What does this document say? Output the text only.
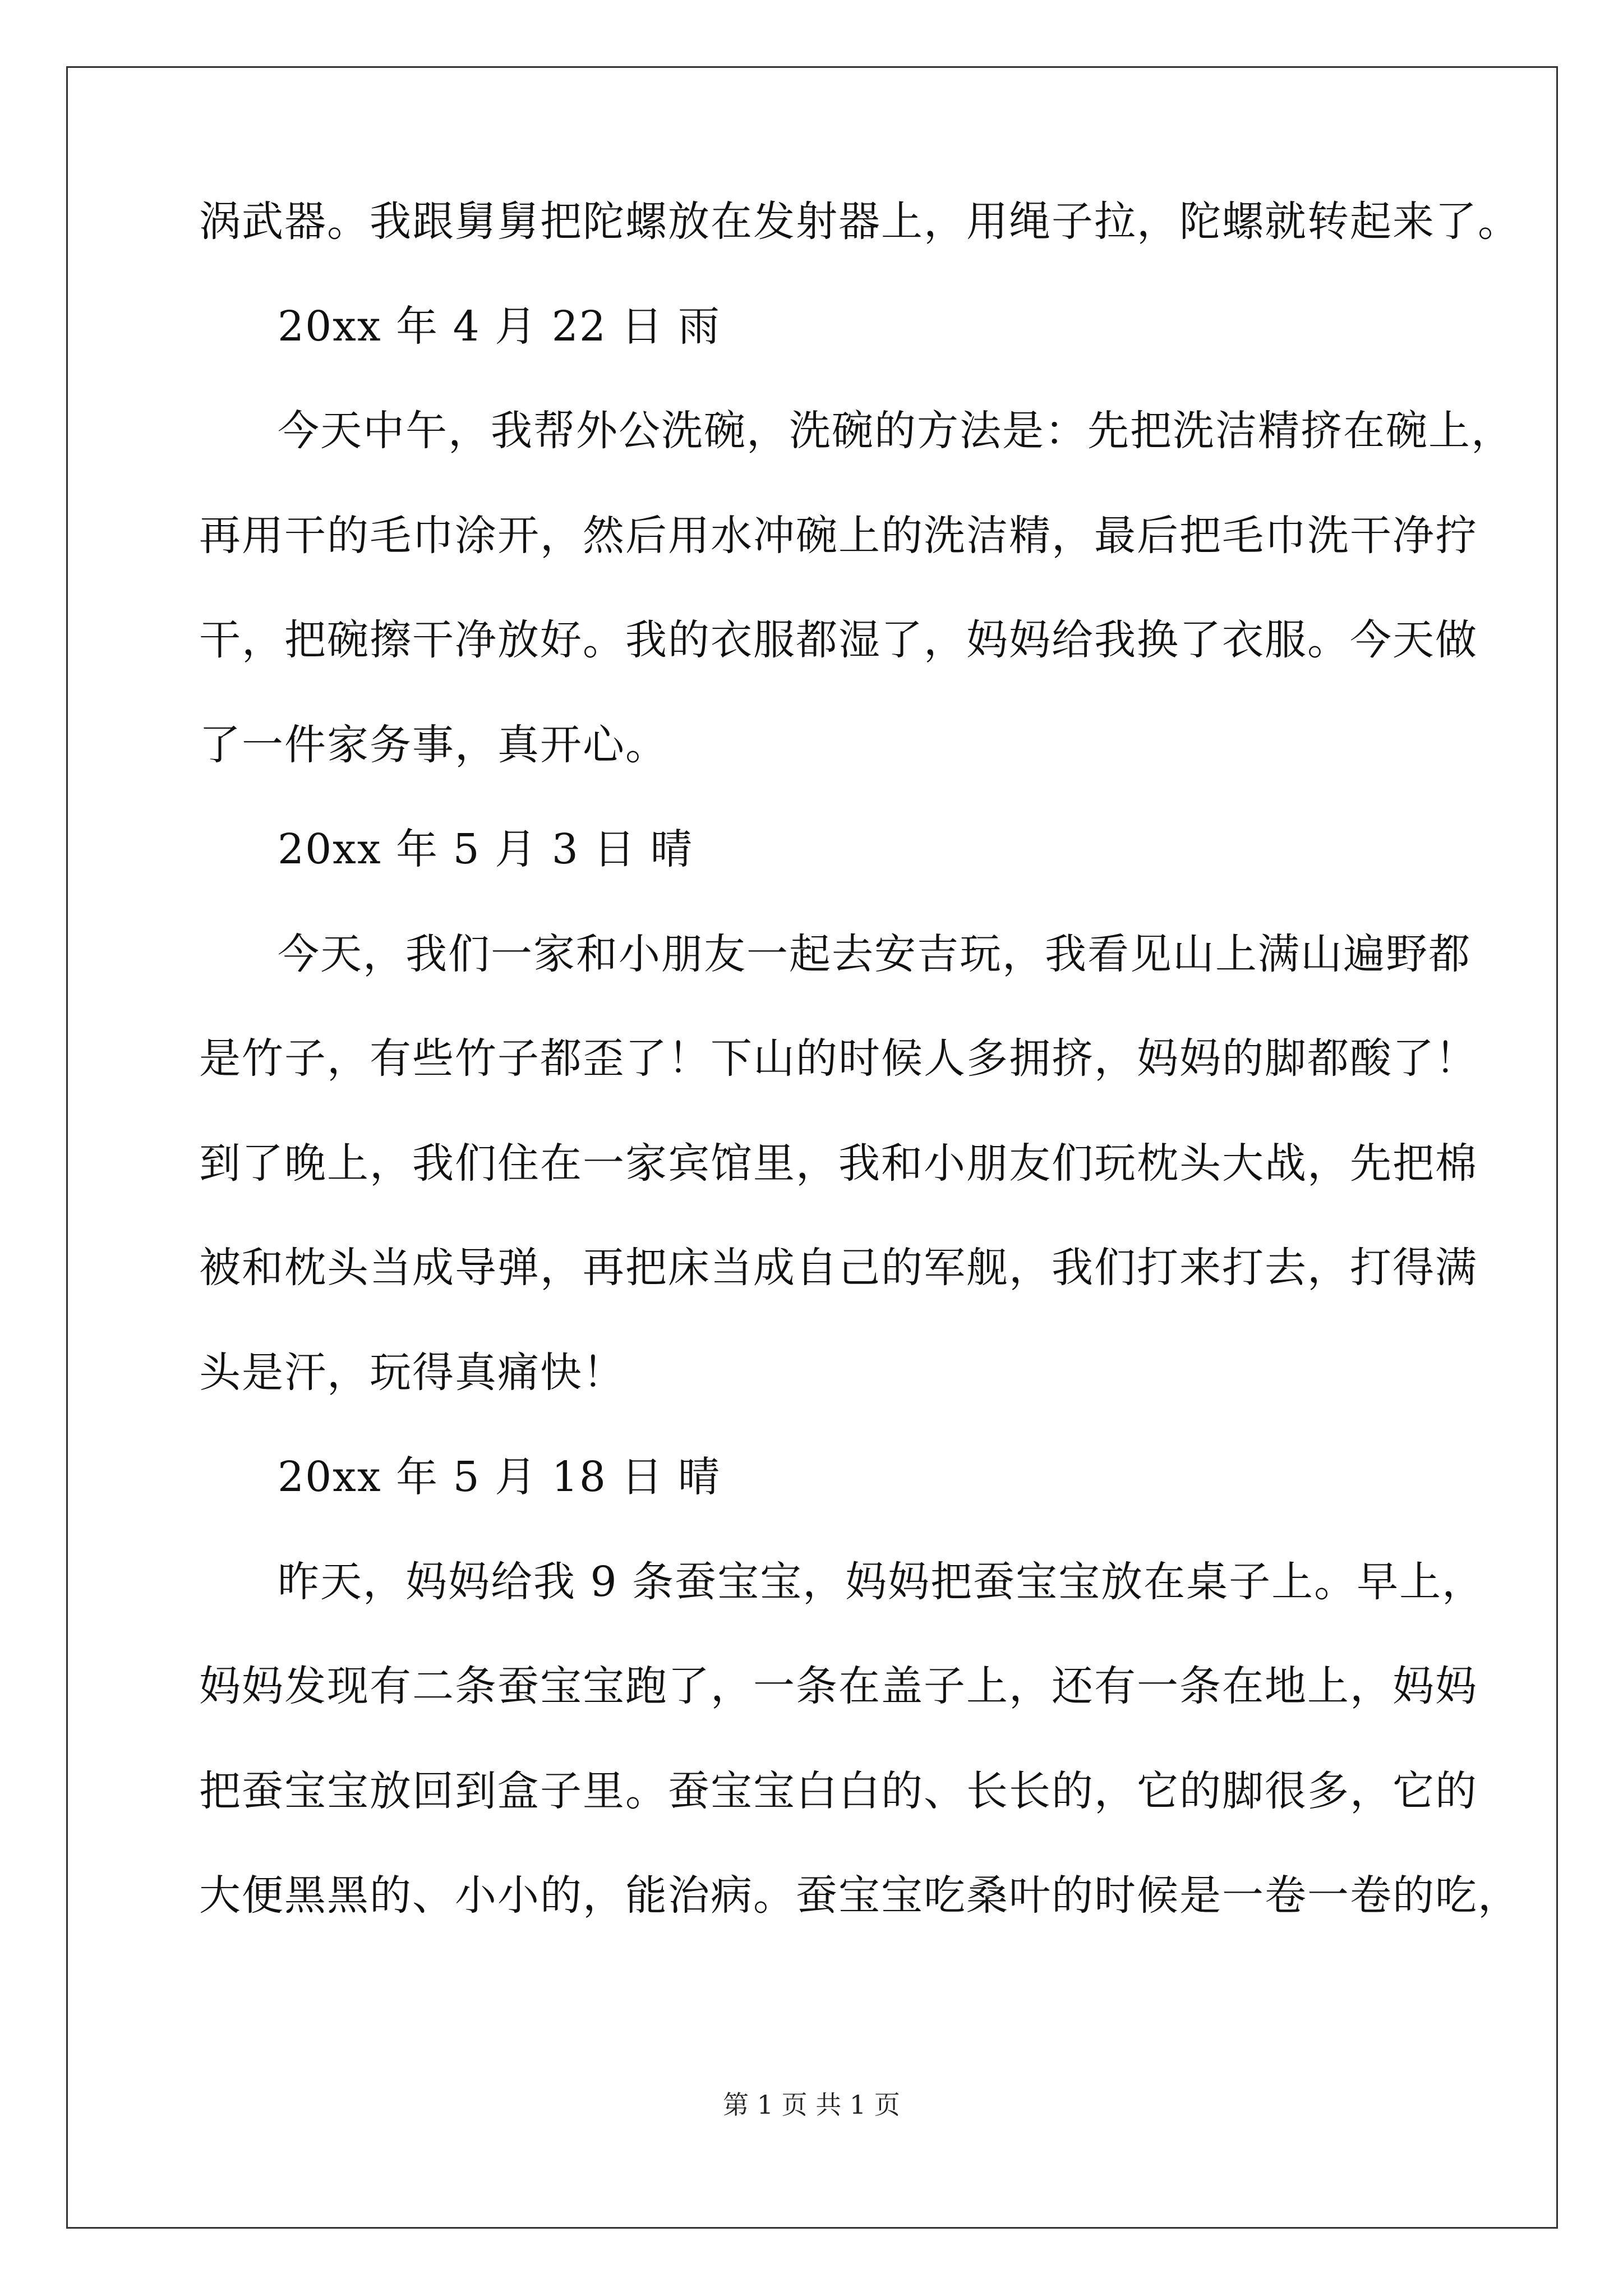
涡武器。我跟舅舅把陀螺放在发射器上，用绳子拉，陀螺就转起来了。
20xx 年 4 月 22 日 雨
今天中午，我帮外公洗碗，洗碗的方法是：先把洗洁精挤在碗上，
再用干的毛巾涂开，然后用水冲碗上的洗洁精，最后把毛巾洗干净拧
干，把碗擦干净放好。我的衣服都湿了，妈妈给我换了衣服。今天做
了一件家务事，真开心。
20xx 年 5 月 3 日 晴
今天，我们一家和小朋友一起去安吉玩，我看见山上满山遍野都
是竹子，有些竹子都歪了！下山的时候人多拥挤，妈妈的脚都酸了！
到了晚上，我们住在一家宾馆里，我和小朋友们玩枕头大战，先把棉
被和枕头当成导弹，再把床当成自己的军舰，我们打来打去，打得满
头是汗，玩得真痛快！
20xx 年 5 月 18 日 晴
昨天，妈妈给我 9 条蚕宝宝，妈妈把蚕宝宝放在桌子上。早上，
妈妈发现有二条蚕宝宝跑了，一条在盖子上，还有一条在地上，妈妈
把蚕宝宝放回到盒子里。蚕宝宝白白的、长长的，它的脚很多，它的
大便黑黑的、小小的，能治病。蚕宝宝吃桑叶的时候是一卷一卷的吃，
第 1 页 共 1 页
